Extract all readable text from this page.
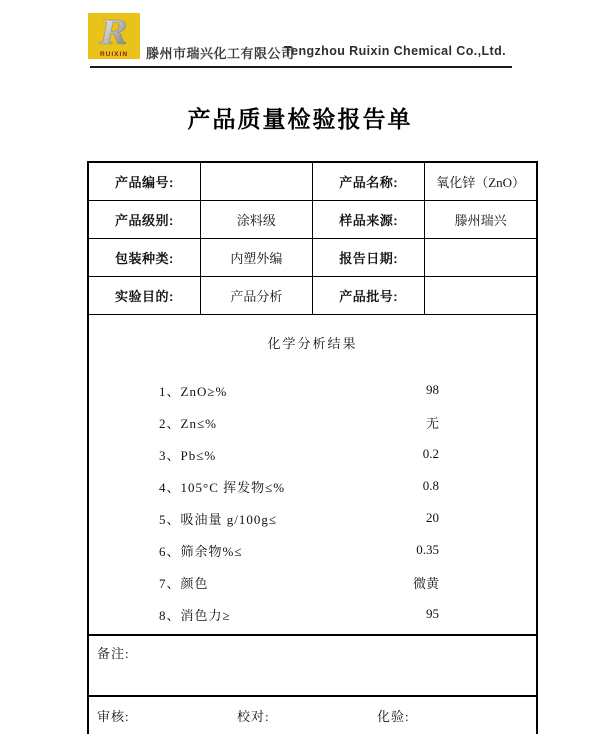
R
RUIXIN 滕州市瑞兴化工有限公司
Tengzhou Ruixin Chemical Co.,Ltd.
产品质量检验报告单
产品编号:		产品名称:	氧化锌（ZnO）
产品级别:	涂料级	样品来源:	滕州瑞兴
包装种类:	内塑外编	报告日期:	
实验目的:	产品分析	产品批号:	

化学分析结果
1、ZnO≥%	98
2、Zn≤%	无
3、Pb≤%	0.2
4、105°C 挥发物≤%	0.8
5、吸油量 g/100g≤	20
6、筛余物%≤	0.35
7、颜色	微黄
8、消色力≥	95

备注:			

审核: 校对: 化验:			
